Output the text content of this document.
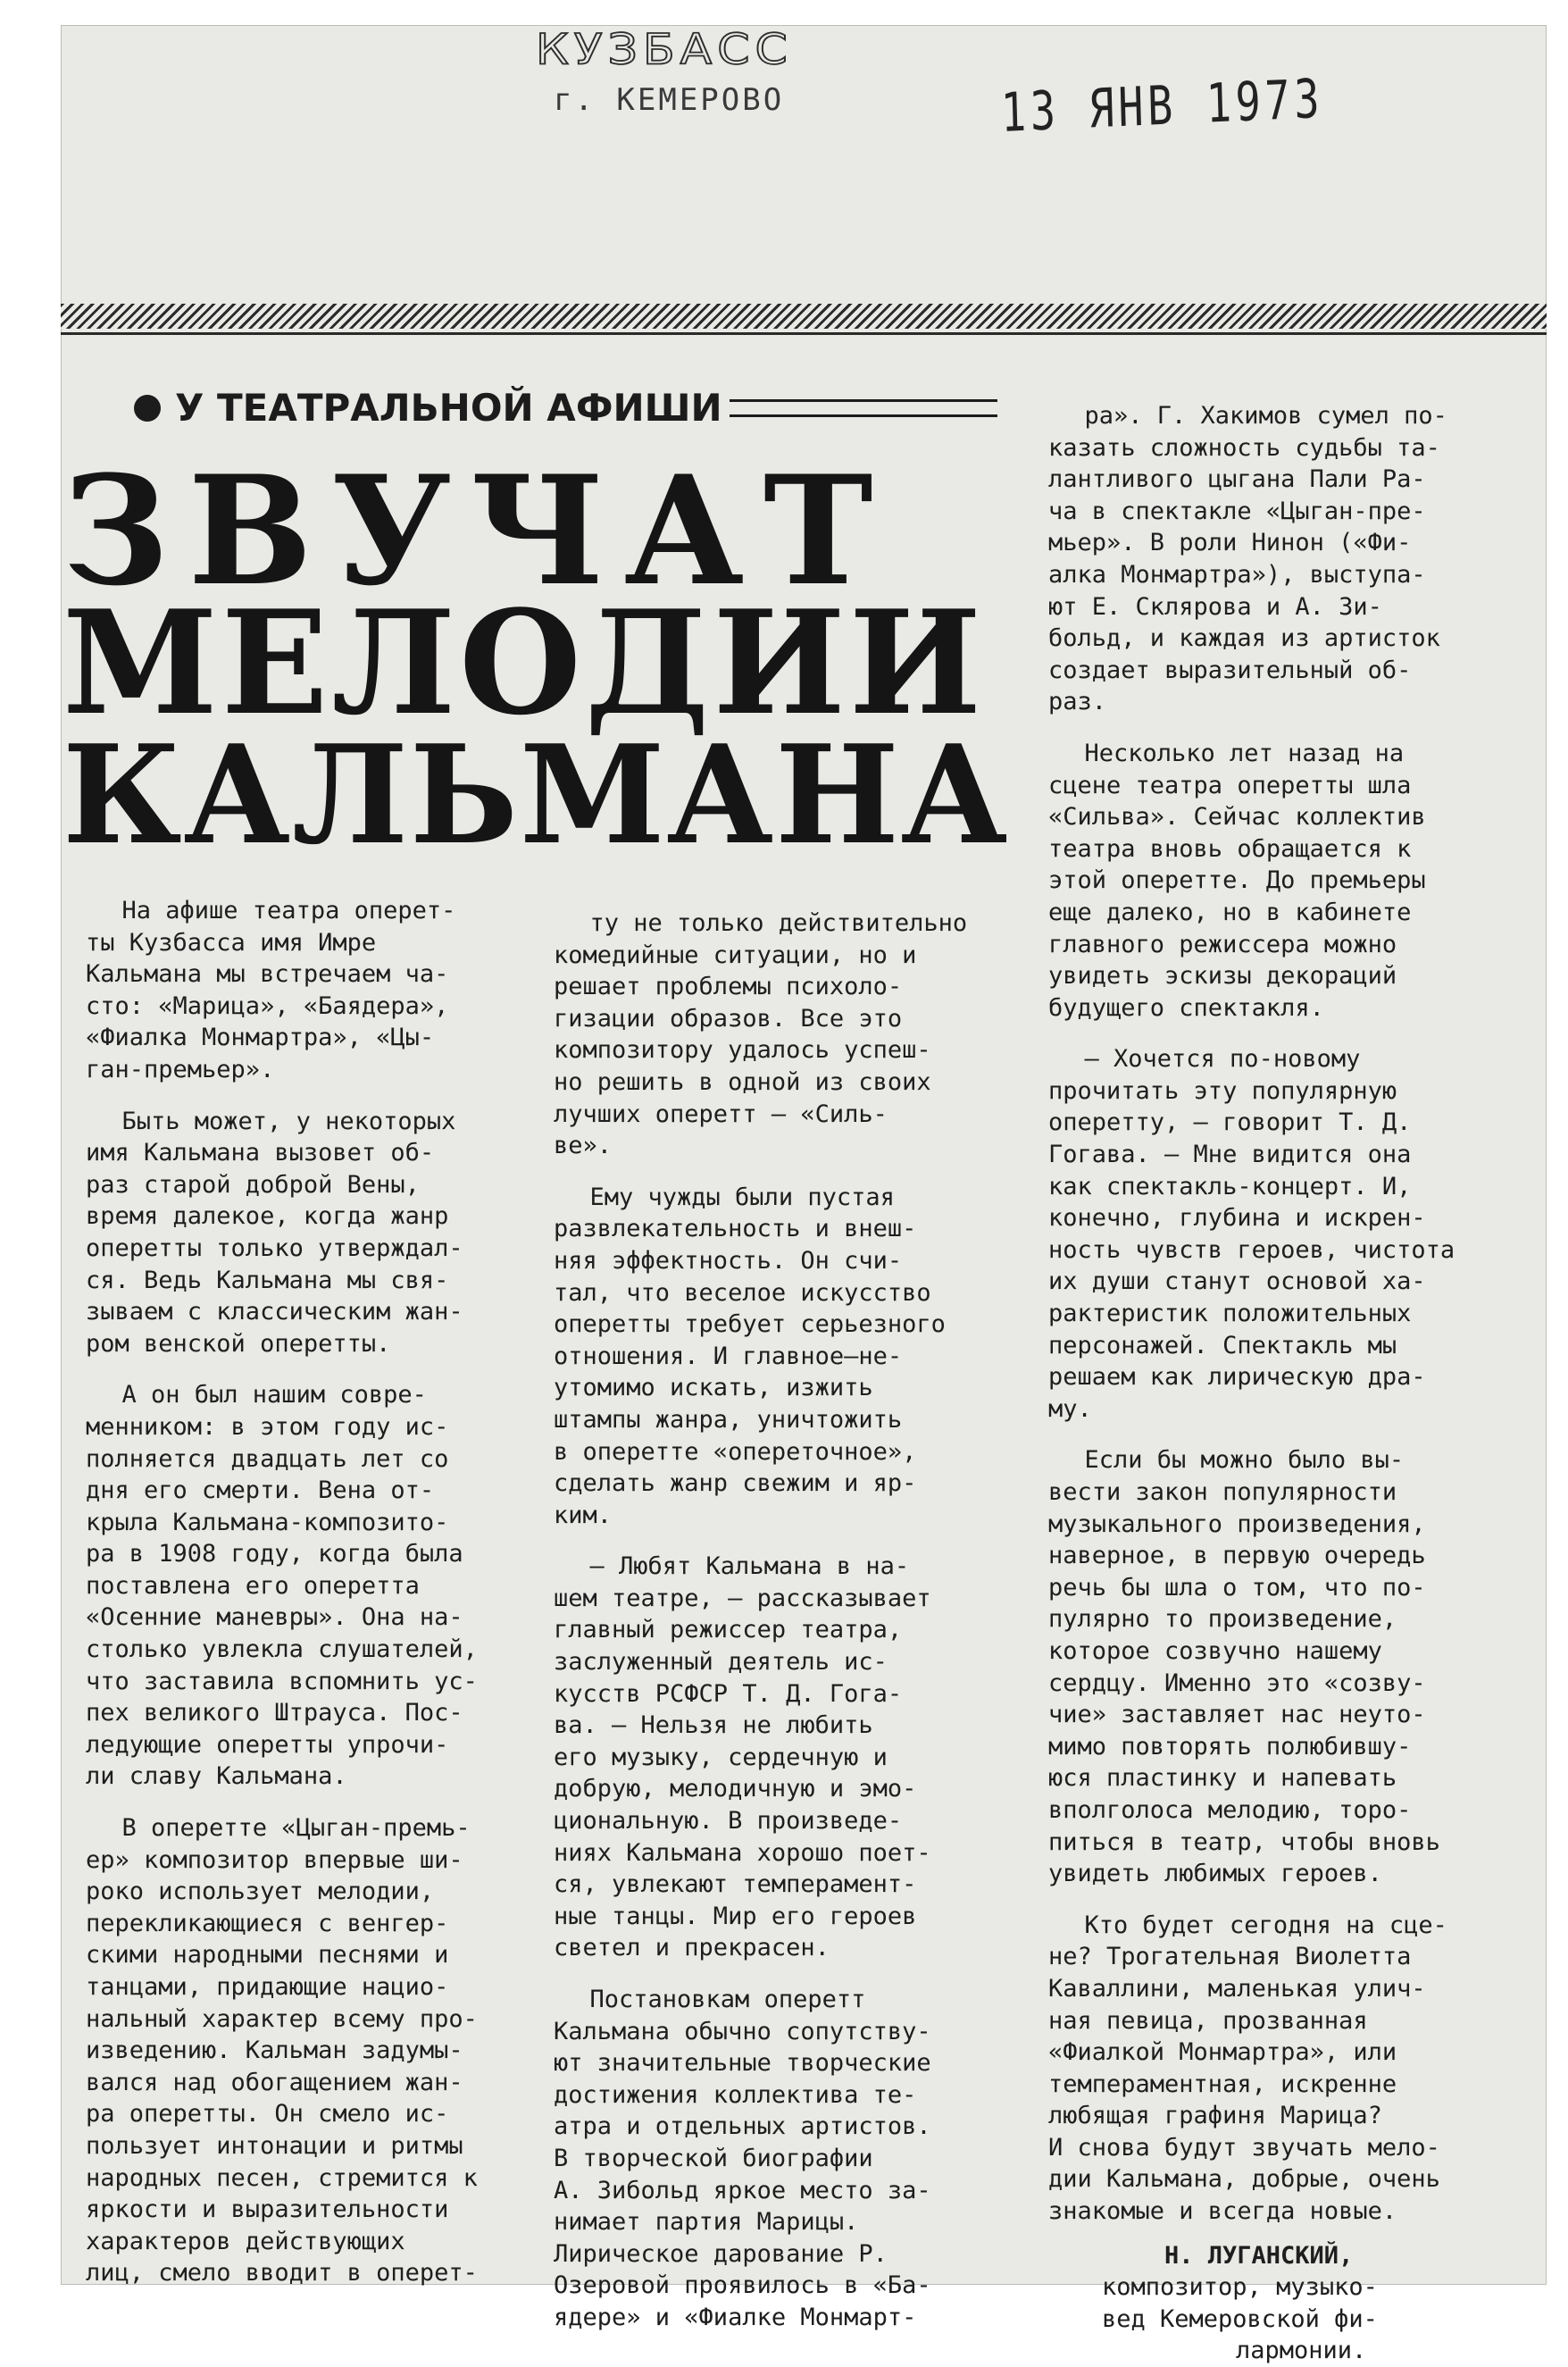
КУЗБАСС
г. КЕМЕРОВО	13 ЯНВ 1973
У ТЕАТРАЛЬНОЙ АФИШИ
ЗВУЧАТ
МЕЛОДИИ
КАЛЬМАНА
На афише театра оперет-
ты Кузбасса имя Имре
Кальмана мы встречаем ча-
сто: «Марица», «Баядера»,
«Фиалка Монмартра», «Цы-
ган-премьер».
Быть может, у некоторых
имя Кальмана вызовет об-
раз старой доброй Вены,
время далекое, когда жанр
оперетты только утверждал-
ся. Ведь Кальмана мы свя-
зываем с классическим жан-
ром венской оперетты.
А он был нашим совре-
менником: в этом году ис-
полняется двадцать лет со
дня его смерти. Вена от-
крыла Кальмана-композито-
ра в 1908 году, когда была
поставлена его оперетта
«Осенние маневры». Она на-
столько увлекла слушателей,
что заставила вспомнить ус-
пех великого Штрауса. Пос-
ледующие оперетты упрочи-
ли славу Кальмана.
В оперетте «Цыган-премь-
ер» композитор впервые ши-
роко использует мелодии,
перекликающиеся с венгер-
скими народными песнями и
танцами, придающие нацио-
нальный характер всему про-
изведению. Кальман задумы-
вался над обогащением жан-
ра оперетты. Он смело ис-
пользует интонации и ритмы
народных песен, стремится к
яркости и выразительности
характеров действующих
лиц, смело вводит в оперет-
ту не только действительно
комедийные ситуации, но и
решает проблемы психоло-
гизации образов. Все это
композитору удалось успеш-
но решить в одной из своих
лучших оперетт — «Силь-
ве».
Ему чужды были пустая
развлекательность и внеш-
няя эффектность. Он счи-
тал, что веселое искусство
оперетты требует серьезного
отношения. И главное—не-
утомимо искать, изжить
штампы жанра, уничтожить
в оперетте «опереточное»,
сделать жанр свежим и яр-
ким.
— Любят Кальмана в на-
шем театре, — рассказывает
главный режиссер театра,
заслуженный деятель ис-
кусств РСФСР Т. Д. Гога-
ва. — Нельзя не любить
его музыку, сердечную и
добрую, мелодичную и эмо-
циональную. В произведе-
ниях Кальмана хорошо поет-
ся, увлекают темперамент-
ные танцы. Мир его героев
светел и прекрасен.
Постановкам оперетт
Кальмана обычно сопутству-
ют значительные творческие
достижения коллектива те-
атра и отдельных артистов.
В творческой биографии
А. Зибольд яркое место за-
нимает партия Марицы.
Лирическое дарование Р.
Озеровой проявилось в «Ба-
ядере» и «Фиалке Монмарт-
ра». Г. Хакимов сумел по-
казать сложность судьбы та-
лантливого цыгана Пали Ра-
ча в спектакле «Цыган-пре-
мьер». В роли Нинон («Фи-
алка Монмартра»), выступа-
ют Е. Склярова и А. Зи-
больд, и каждая из артисток
создает выразительный об-
раз.
Несколько лет назад на
сцене театра оперетты шла
«Сильва». Сейчас коллектив
театра вновь обращается к
этой оперетте. До премьеры
еще далеко, но в кабинете
главного режиссера можно
увидеть эскизы декораций
будущего спектакля.
— Хочется по-новому
прочитать эту популярную
оперетту, — говорит Т. Д.
Гогава. — Мне видится она
как спектакль-концерт. И,
конечно, глубина и искрен-
ность чувств героев, чистота
их души станут основой ха-
рактеристик положительных
персонажей. Спектакль мы
решаем как лирическую дра-
му.
Если бы можно было вы-
вести закон популярности
музыкального произведения,
наверное, в первую очередь
речь бы шла о том, что по-
пулярно то произведение,
которое созвучно нашему
сердцу. Именно это «созву-
чие» заставляет нас неуто-
мимо повторять полюбившу-
юся пластинку и напевать
вполголоса мелодию, торо-
питься в театр, чтобы вновь
увидеть любимых героев.
Кто будет сегодня на сце-
не? Трогательная Виолетта
Каваллини, маленькая улич-
ная певица, прозванная
«Фиалкой Монмартра», или
темпераментная, искренне
любящая графиня Марица?
И снова будут звучать мело-
дии Кальмана, добрые, очень
знакомые и всегда новые.
Н. ЛУГАНСКИЙ,
композитор, музыко-
вед Кемеровской фи-
лармонии.
